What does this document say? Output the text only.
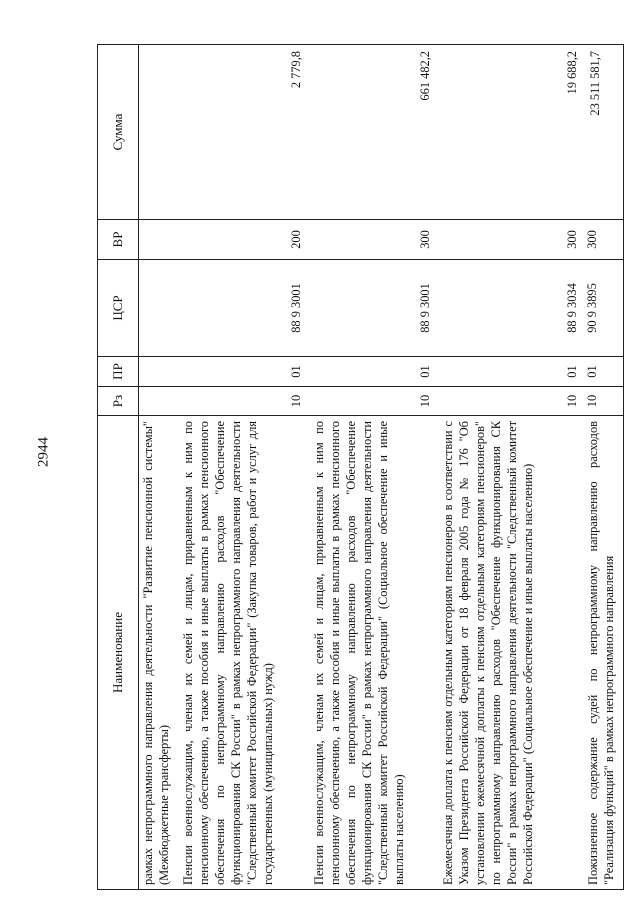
2944
Наименование	Рз	ПР	ЦСР	ВР	Сумма
рамках непрограммного направления деятельности "Развитие пенсионной системы" (Межбюджетные трансферты)					
Пенсии военнослужащим, членам их семей и лицам, приравненным к ним по пенсионному обеспечению, а также пособия и иные выплаты в рамках пенсионного обеспечения по непрограммному направлению расходов "Обеспечение функционирования СК России" в рамках непрограммного направления деятельности "Следственный комитет Российской Федерации" (Закупка товаров, работ и услуг для государственных (муниципальных) нужд)	10	01	88 9 3001	200	2 779,8
Пенсии военнослужащим, членам их семей и лицам, приравненным к ним по пенсионному обеспечению, а также пособия и иные выплаты в рамках пенсионного обеспечения по непрограммному направлению расходов "Обеспечение функционирования СК России" в рамках непрограммного направления деятельности "Следственный комитет Российской Федерации" (Социальное обеспечение и иные выплаты населению)	10	01	88 9 3001	300	661 482,2
Ежемесячная доплата к пенсиям отдельным категориям пенсионеров в соответствии с Указом Президента Российской Федерации от 18 февраля 2005 года № 176 "Об установлении ежемесячной доплаты к пенсиям отдельным категориям пенсионеров" по непрограммному направлению расходов "Обеспечение функционирования СК России" в рамках непрограммного направления деятельности "Следственный комитет Российской Федерации" (Социальное обеспечение и иные выплаты населению)	10	01	88 9 3034	300	19 688,2
Пожизненное содержание судей по непрограммному направлению расходов "Реализация функций" в рамках непрограммного направления	10	01	90 9 3895	300	23 511 581,7
